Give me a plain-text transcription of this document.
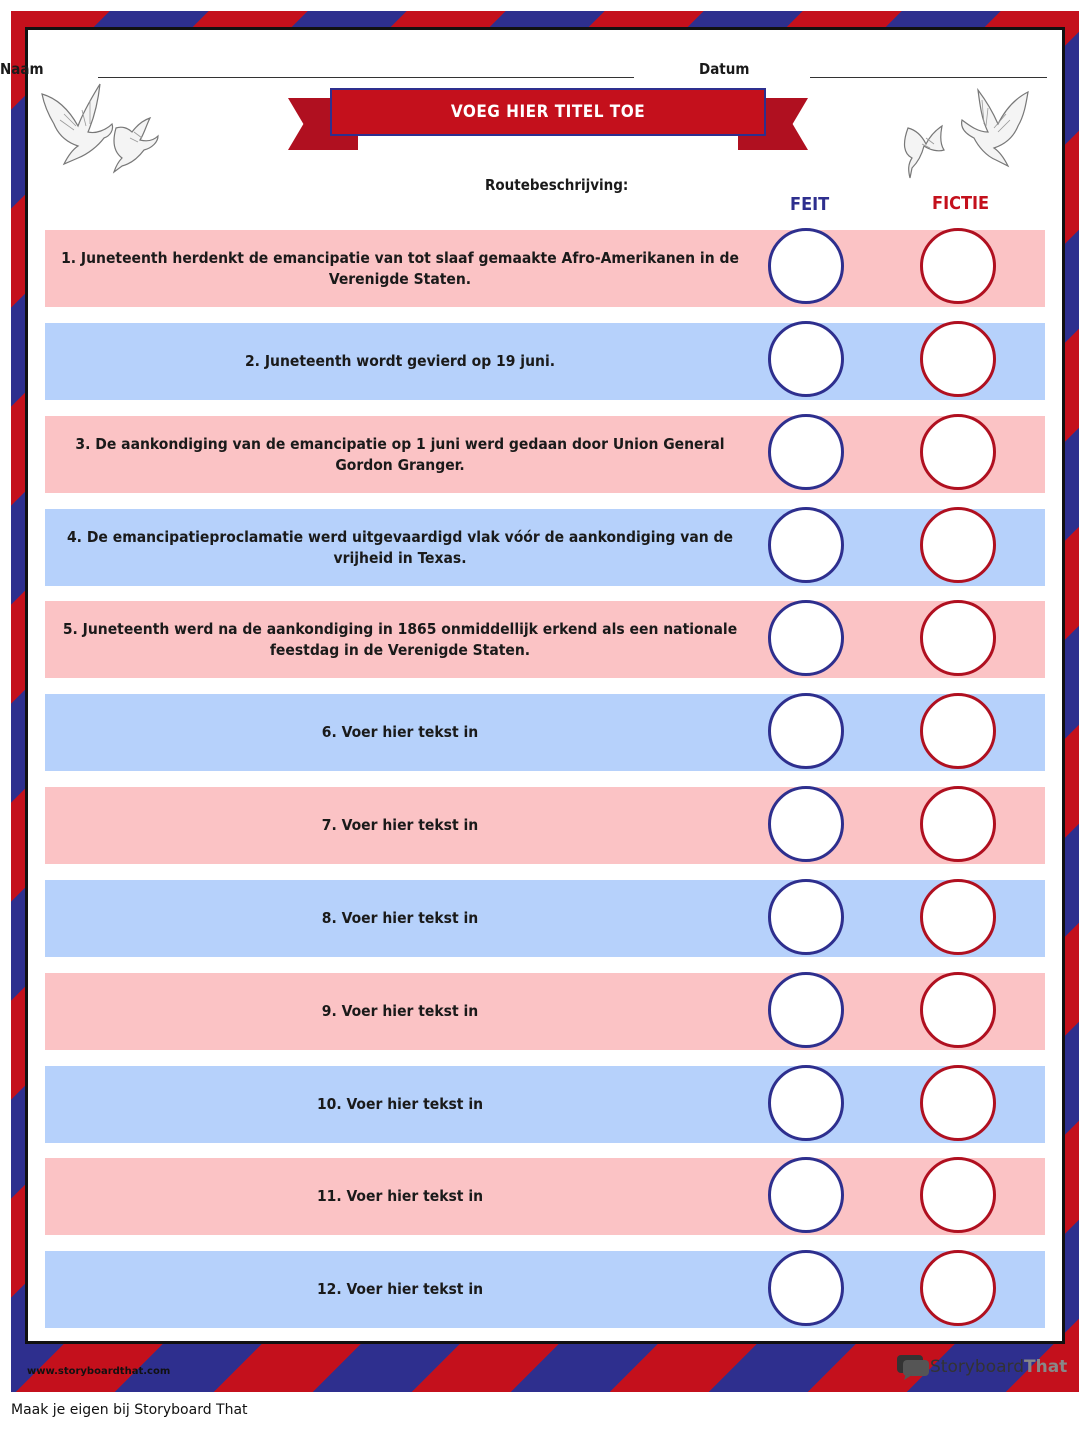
Naam	Datum
VOEG HIER TITEL TOE
Routebeschrijving:
FEIT	FICTIE
1. Juneteenth herdenkt de emancipatie van tot slaaf gemaakte Afro-Amerikanen in de Verenigde Staten.
2. Juneteenth wordt gevierd op 19 juni.
3. De aankondiging van de emancipatie op 1 juni werd gedaan door Union General Gordon Granger.
4. De emancipatieproclamatie werd uitgevaardigd vlak vóór de aankondiging van de vrijheid in Texas.
5. Juneteenth werd na de aankondiging in 1865 onmiddellijk erkend als een nationale feestdag in de Verenigde Staten.
6. Voer hier tekst in
7. Voer hier tekst in
8. Voer hier tekst in
9. Voer hier tekst in
10. Voer hier tekst in
11. Voer hier tekst in
12. Voer hier tekst in
www.storyboardthat.com	Storyboard That
Maak je eigen bij Storyboard That
